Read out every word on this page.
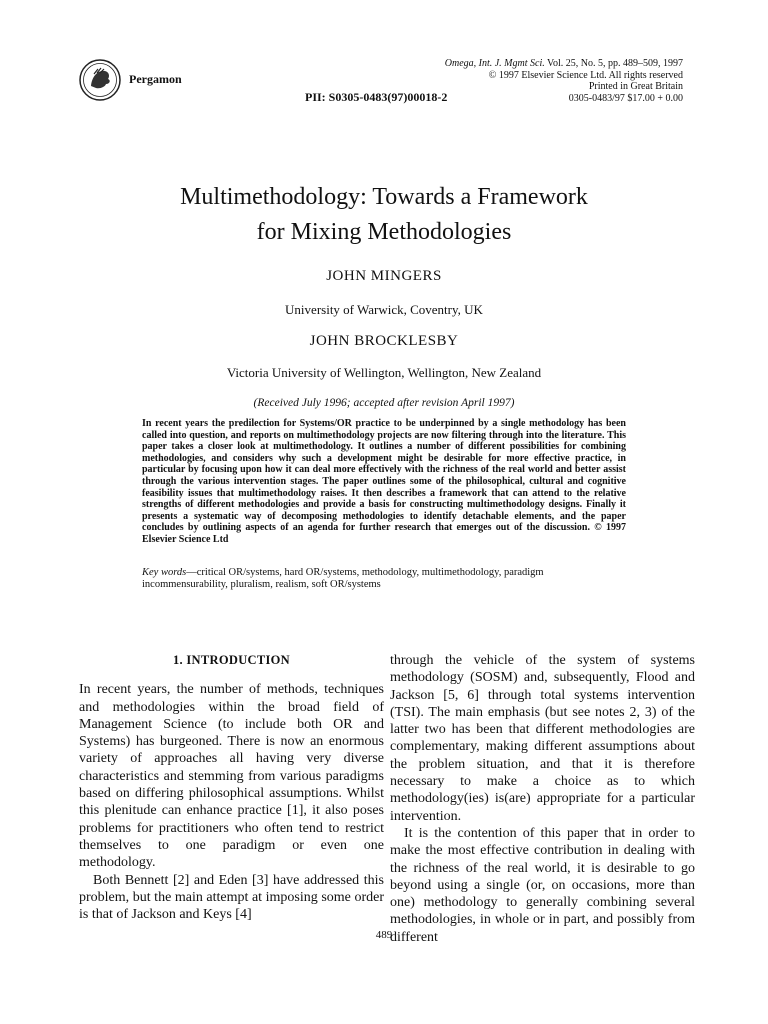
Pergamon
PII: S0305-0483(97)00018-2
Omega, Int. J. Mgmt Sci. Vol. 25, No. 5, pp. 489–509, 1997
© 1997 Elsevier Science Ltd. All rights reserved
Printed in Great Britain
0305-0483/97 $17.00 + 0.00
Multimethodology: Towards a Framework
for Mixing Methodologies
JOHN MINGERS
University of Warwick, Coventry, UK
JOHN BROCKLESBY
Victoria University of Wellington, Wellington, New Zealand
(Received July 1996; accepted after revision April 1997)
In recent years the predilection for Systems/OR practice to be underpinned by a single methodology has been called into question, and reports on multimethodology projects are now filtering through into the literature. This paper takes a closer look at multimethodology. It outlines a number of different possibilities for combining methodologies, and considers why such a development might be desirable for more effective practice, in particular by focusing upon how it can deal more effectively with the richness of the real world and better assist through the various intervention stages. The paper outlines some of the philosophical, cultural and cognitive feasibility issues that multimethodology raises. It then describes a framework that can attend to the relative strengths of different methodologies and provide a basis for constructing multimethodology designs. Finally it presents a systematic way of decomposing methodologies to identify detachable elements, and the paper concludes by outlining aspects of an agenda for further research that emerges out of the discussion. © 1997 Elsevier Science Ltd
Key words—critical OR/systems, hard OR/systems, methodology, multimethodology, paradigm incommensurability, pluralism, realism, soft OR/systems
1. INTRODUCTION

In recent years, the number of methods, techniques and methodologies within the broad field of Management Science (to include both OR and Systems) has burgeoned. There is now an enormous variety of approaches all having very diverse characteristics and stemming from various paradigms based on differing philosophical assumptions. Whilst this plenitude can enhance practice [1], it also poses problems for practitioners who often tend to restrict themselves to one paradigm or even one methodology.

Both Bennett [2] and Eden [3] have addressed this problem, but the main attempt at imposing some order is that of Jackson and Keys [4]

through the vehicle of the system of systems methodology (SOSM) and, subsequently, Flood and Jackson [5, 6] through total systems intervention (TSI). The main emphasis (but see notes 2, 3) of the latter two has been that different methodologies are complementary, making different assumptions about the problem situation, and that it is therefore necessary to make a choice as to which methodology(ies) is(are) appropriate for a particular intervention.

It is the contention of this paper that in order to make the most effective contribution in dealing with the richness of the real world, it is desirable to go beyond using a single (or, on occasions, more than one) methodology to generally combining several methodologies, in whole or in part, and possibly from different

489
